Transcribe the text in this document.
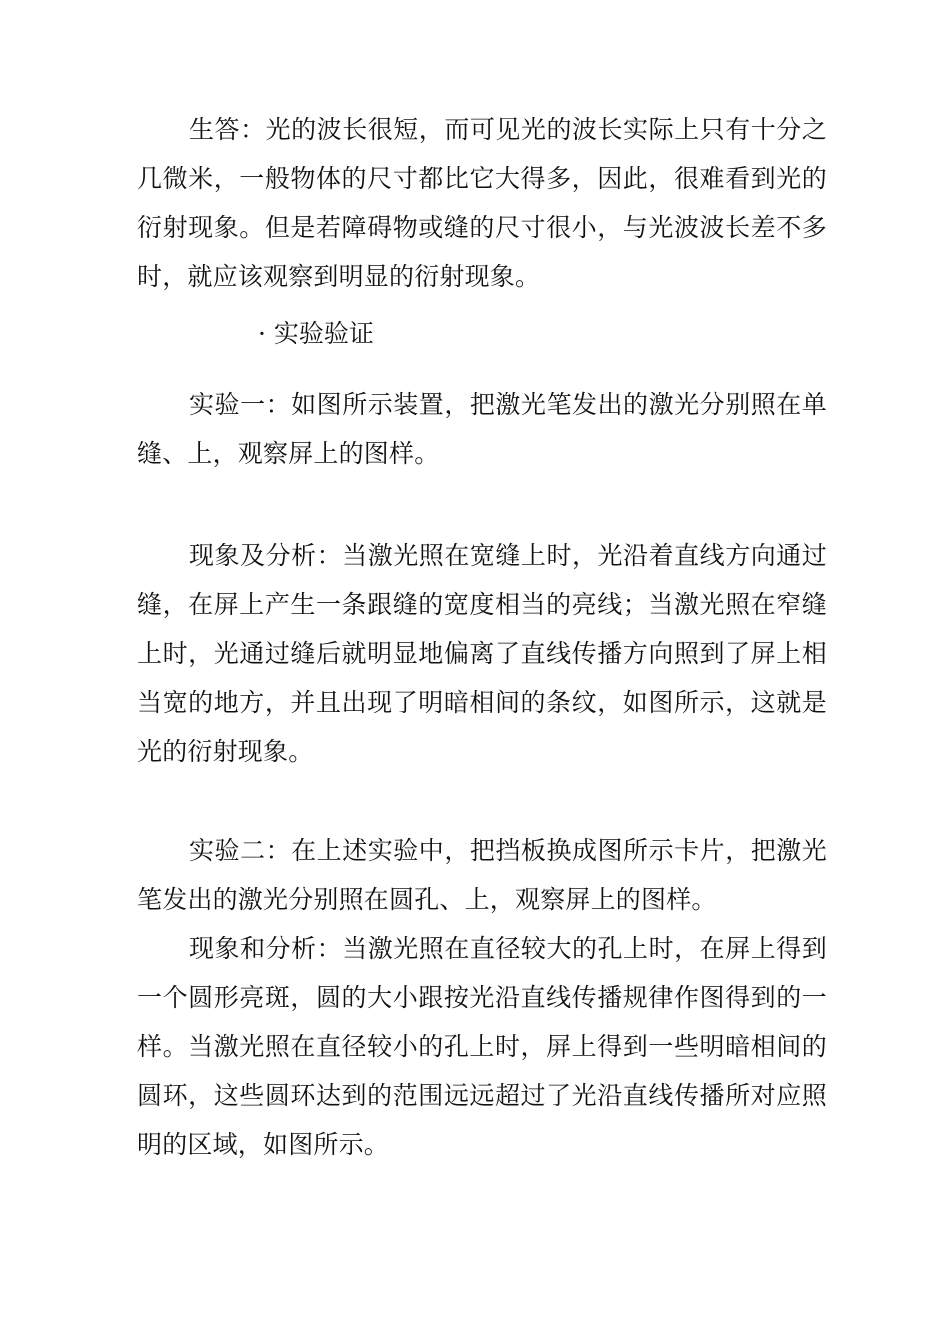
生答：光的波长很短，而可见光的波长实际上只有十分之几微米，一般物体的尺寸都比它大得多，因此，很难看到光的衍射现象。但是若障碍物或缝的尺寸很小，与光波波长差不多时，就应该观察到明显的衍射现象。

· 实验验证

实验一：如图所示装置，把激光笔发出的激光分别照在单缝、上，观察屏上的图样。

现象及分析：当激光照在宽缝上时，光沿着直线方向通过缝，在屏上产生一条跟缝的宽度相当的亮线；当激光照在窄缝上时，光通过缝后就明显地偏离了直线传播方向照到了屏上相当宽的地方，并且出现了明暗相间的条纹，如图所示，这就是光的衍射现象。

实验二：在上述实验中，把挡板换成图所示卡片，把激光笔发出的激光分别照在圆孔、上，观察屏上的图样。

现象和分析：当激光照在直径较大的孔上时，在屏上得到一个圆形亮斑，圆的大小跟按光沿直线传播规律作图得到的一样。当激光照在直径较小的孔上时，屏上得到一些明暗相间的圆环，这些圆环达到的范围远远超过了光沿直线传播所对应照明的区域，如图所示。
